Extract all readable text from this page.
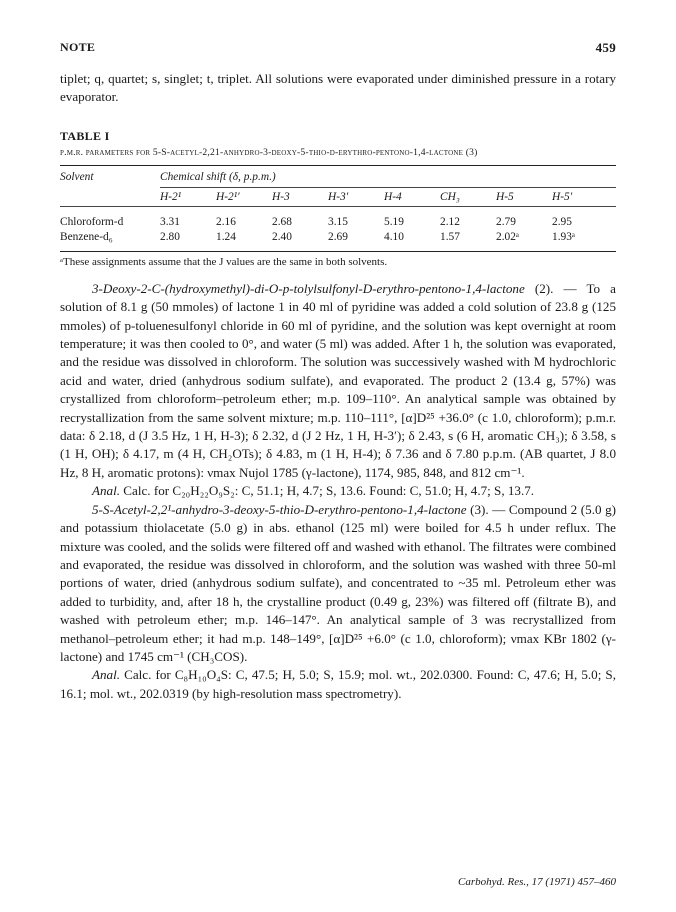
NOTE	459

tiplet; q, quartet; s, singlet; t, triplet. All solutions were evaporated under diminished pressure in a rotary evaporator.

TABLE I
p.m.r. parameters for 5-S-acetyl-2,21-anhydro-3-deoxy-5-thio-d-erythro-pentono-1,4-lactone (3)
Solvent	Chemical shift (δ, p.p.m.)							

	H-2¹	H-2¹′	H-3	H-3′	H-4	CH₃	H-5	H-5′

Chloroform-d	3.31	2.16	2.68	3.15	5.19	2.12	2.79	2.95
Benzene-d₆	2.80	1.24	2.40	2.69	4.10	1.57	2.02ᵃ	1.93ᵃ

ᵃThese assignments assume that the J values are the same in both solvents.

3-Deoxy-2-C-(hydroxymethyl)-di-O-p-tolylsulfonyl-D-erythro-pentono-1,4-lactone (2). — To a solution of 8.1 g (50 mmoles) of lactone 1 in 40 ml of pyridine was added a cold solution of 23.8 g (125 mmoles) of p-toluenesulfonyl chloride in 60 ml of pyridine, and the solution was kept overnight at room temperature; it was then cooled to 0°, and water (5 ml) was added. After 1 h, the solution was evaporated, and the residue was dissolved in chloroform. The solution was successively washed with M hydrochloric acid and water, dried (anhydrous sodium sulfate), and evaporated. The product 2 (13.4 g, 57%) was crystallized from chloroform–petroleum ether; m.p. 109–110°. An analytical sample was obtained by recrystallization from the same solvent mixture; m.p. 110–111°, [α]D²⁵ +36.0° (c 1.0, chloroform); p.m.r. data: δ 2.18, d (J 3.5 Hz, 1 H, H-3); δ 2.32, d (J 2 Hz, 1 H, H-3′); δ 2.43, s (6 H, aromatic CH₃); δ 3.58, s (1 H, OH); δ 4.17, m (4 H, CH₂OTs); δ 4.83, m (1 H, H-4); δ 7.36 and δ 7.80 p.p.m. (AB quartet, J 8.0 Hz, 8 H, aromatic protons): νmax Nujol 1785 (γ-lactone), 1174, 985, 848, and 812 cm⁻¹.

Anal. Calc. for C₂₀H₂₂O₉S₂: C, 51.1; H, 4.7; S, 13.6. Found: C, 51.0; H, 4.7; S, 13.7.

5-S-Acetyl-2,2¹-anhydro-3-deoxy-5-thio-D-erythro-pentono-1,4-lactone (3). — Compound 2 (5.0 g) and potassium thiolacetate (5.0 g) in abs. ethanol (125 ml) were boiled for 4.5 h under reflux. The mixture was cooled, and the solids were filtered off and washed with ethanol. The filtrates were combined and evaporated, the residue was dissolved in chloroform, and the solution was washed with three 50-ml portions of water, dried (anhydrous sodium sulfate), and concentrated to ~35 ml. Petroleum ether was added to turbidity, and, after 18 h, the crystalline product (0.49 g, 23%) was filtered off (filtrate B), and washed with petroleum ether; m.p. 146–147°. An analytical sample of 3 was recrystallized from methanol–petroleum ether; it had m.p. 148–149°, [α]D²⁵ +6.0° (c 1.0, chloroform); νmax KBr 1802 (γ-lactone) and 1745 cm⁻¹ (CH₃COS).

Anal. Calc. for C₈H₁₀O₄S: C, 47.5; H, 5.0; S, 15.9; mol. wt., 202.0300. Found: C, 47.6; H, 5.0; S, 16.1; mol. wt., 202.0319 (by high-resolution mass spectrometry).

Carbohyd. Res., 17 (1971) 457–460
